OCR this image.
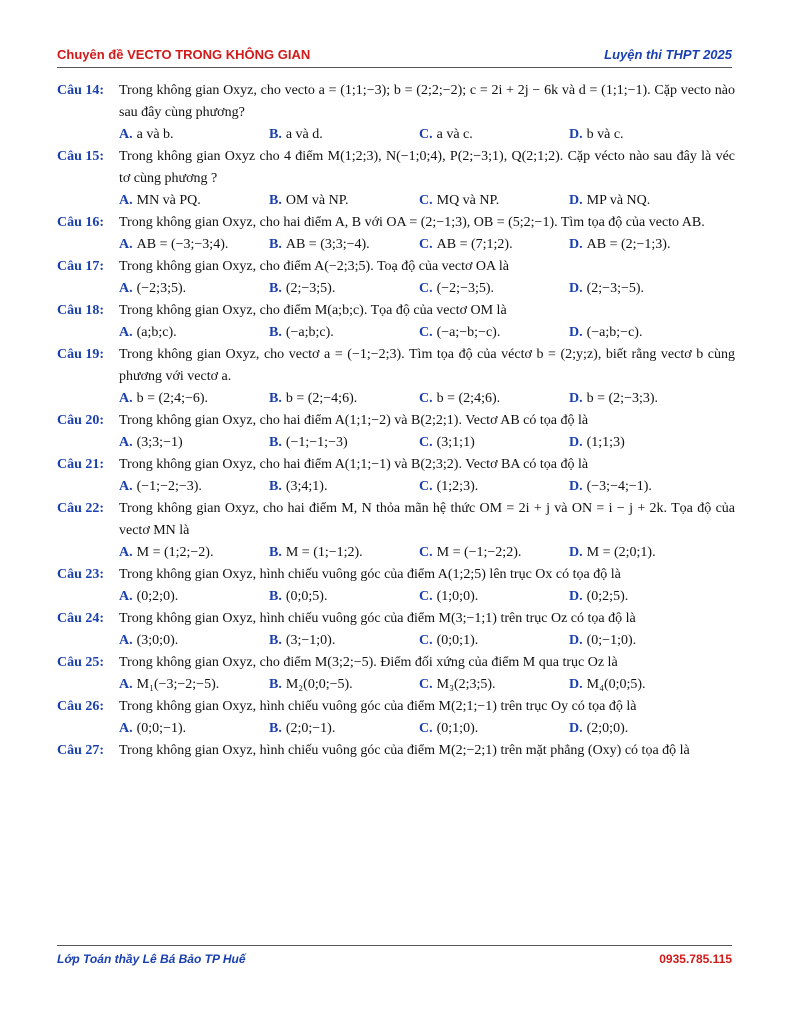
Chuyên đề VECTO TRONG KHÔNG GIAN	Luyện thi THPT 2025
Câu 14: Trong không gian Oxyz, cho vecto a = (1;1;−3); b = (2;2;−2); c = 2i + 2j − 6k và d = (1;1;−1). Cặp vecto nào sau đây cùng phương?
A. a và b.	B. a và d.	C. a và c.	D. b và c.
Câu 15: Trong không gian Oxyz cho 4 điểm M(1;2;3), N(−1;0;4), P(2;−3;1), Q(2;1;2). Cặp vécto nào sau đây là véc tơ cùng phương ?
A. MN và PQ.	B. OM và NP.	C. MQ và NP.	D. MP và NQ.
Câu 16: Trong không gian Oxyz, cho hai điểm A, B với OA = (2;−1;3), OB = (5;2;−1). Tìm tọa độ của vecto AB.
A. AB = (−3;−3;4).	B. AB = (3;3;−4).	C. AB = (7;1;2).	D. AB = (2;−1;3).
Câu 17: Trong không gian Oxyz, cho điểm A(−2;3;5). Toạ độ của vectơ OA là
A. (−2;3;5).	B. (2;−3;5).	C. (−2;−3;5).	D. (2;−3;−5).
Câu 18: Trong không gian Oxyz, cho điểm M(a;b;c). Tọa độ của vectơ OM là
A. (a;b;c).	B. (−a;b;c).	C. (−a;−b;−c).	D. (−a;b;−c).
Câu 19: Trong không gian Oxyz, cho vectơ a = (−1;−2;3). Tìm tọa độ của véctơ b = (2;y;z), biết rằng vectơ b cùng phương với vectơ a.
A. b = (2;4;−6).	B. b = (2;−4;6).	C. b = (2;4;6).	D. b = (2;−3;3).
Câu 20: Trong không gian Oxyz, cho hai điểm A(1;1;−2) và B(2;2;1). Vectơ AB có tọa độ là
A. (3;3;−1)	B. (−1;−1;−3)	C. (3;1;1)	D. (1;1;3)
Câu 21: Trong không gian Oxyz, cho hai điểm A(1;1;−1) và B(2;3;2). Vectơ BA có tọa độ là
A. (−1;−2;−3).	B. (3;4;1).	C. (1;2;3).	D. (−3;−4;−1).
Câu 22: Trong không gian Oxyz, cho hai điểm M, N thỏa mãn hệ thức OM = 2i + j và ON = i − j + 2k. Tọa độ của vectơ MN là
A. M = (1;2;−2).	B. M = (1;−1;2).	C. M = (−1;−2;2).	D. M = (2;0;1).
Câu 23: Trong không gian Oxyz, hình chiếu vuông góc của điểm A(1;2;5) lên trục Ox có tọa độ là
A. (0;2;0).	B. (0;0;5).	C. (1;0;0).	D. (0;2;5).
Câu 24: Trong không gian Oxyz, hình chiếu vuông góc của điểm M(3;−1;1) trên trục Oz có tọa độ là
A. (3;0;0).	B. (3;−1;0).	C. (0;0;1).	D. (0;−1;0).
Câu 25: Trong không gian Oxyz, cho điểm M(3;2;−5). Điểm đối xứng của điểm M qua trục Oz là
A. M₁(−3;−2;−5).	B. M₂(0;0;−5).	C. M₃(2;3;5).	D. M₄(0;0;5).
Câu 26: Trong không gian Oxyz, hình chiếu vuông góc của điểm M(2;1;−1) trên trục Oy có tọa độ là
A. (0;0;−1).	B. (2;0;−1).	C. (0;1;0).	D. (2;0;0).
Câu 27: Trong không gian Oxyz, hình chiếu vuông góc của điểm M(2;−2;1) trên mặt phẳng (Oxy) có tọa độ là
Lớp Toán thầy Lê Bá Bảo TP Huế	0935.785.115
